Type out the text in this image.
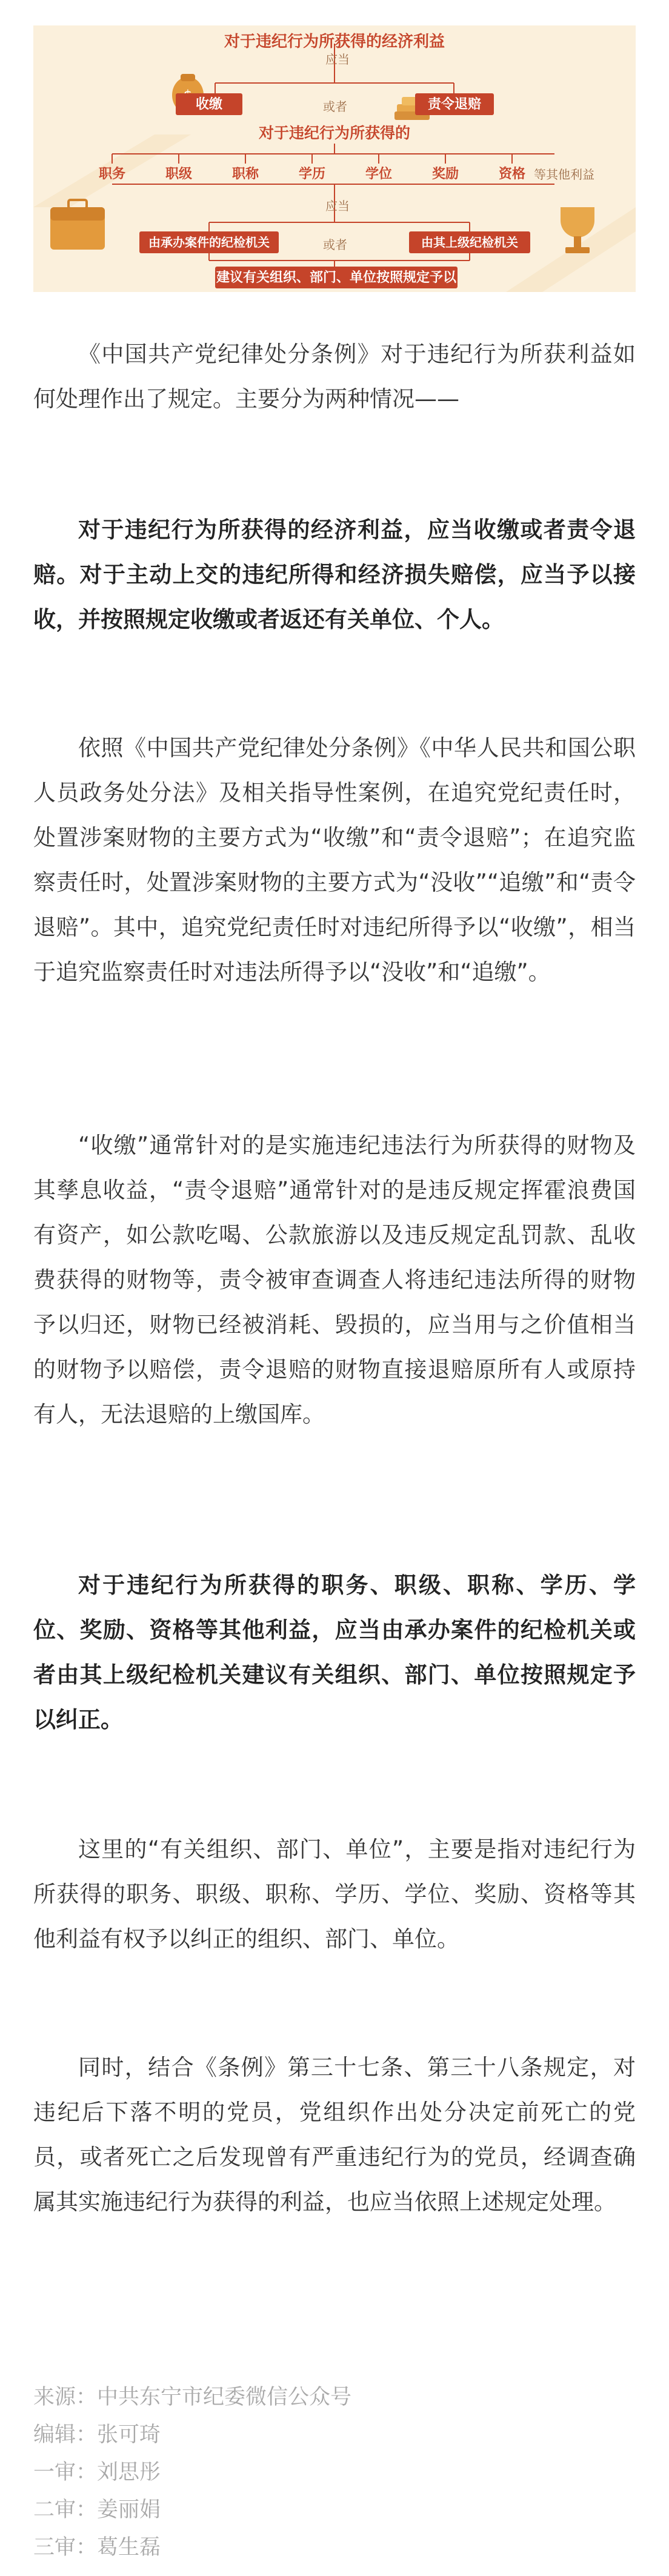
对于违纪行为所获得的经济利益
应当
收缴	或者	责令退赔
对于违纪行为所获得的
职务	职级	职称	学历	学位	奖励	资格 等其他利益
应当
由承办案件的纪检机关	或者	由其上级纪检机关
建议有关组织、部门、单位按照规定予以纠正

《中国共产党纪律处分条例》对于违纪行为所获利益如何处理作出了规定。主要分为两种情况——

对于违纪行为所获得的经济利益，应当收缴或者责令退赔。对于主动上交的违纪所得和经济损失赔偿，应当予以接收，并按照规定收缴或者返还有关单位、个人。

依照《中国共产党纪律处分条例》《中华人民共和国公职人员政务处分法》及相关指导性案例，在追究党纪责任时，处置涉案财物的主要方式为“收缴”和“责令退赔”；在追究监察责任时，处置涉案财物的主要方式为“没收”“追缴”和“责令退赔”。其中，追究党纪责任时对违纪所得予以“收缴”，相当于追究监察责任时对违法所得予以“没收”和“追缴”。

“收缴”通常针对的是实施违纪违法行为所获得的财物及其孳息收益，“责令退赔”通常针对的是违反规定挥霍浪费国有资产，如公款吃喝、公款旅游以及违反规定乱罚款、乱收费获得的财物等，责令被审查调查人将违纪违法所得的财物予以归还，财物已经被消耗、毁损的，应当用与之价值相当的财物予以赔偿，责令退赔的财物直接退赔原所有人或原持有人，无法退赔的上缴国库。

对于违纪行为所获得的职务、职级、职称、学历、学位、奖励、资格等其他利益，应当由承办案件的纪检机关或者由其上级纪检机关建议有关组织、部门、单位按照规定予以纠正。

这里的“有关组织、部门、单位”，主要是指对违纪行为所获得的职务、职级、职称、学历、学位、奖励、资格等其他利益有权予以纠正的组织、部门、单位。

同时，结合《条例》第三十七条、第三十八条规定，对违纪后下落不明的党员，党组织作出处分决定前死亡的党员，或者死亡之后发现曾有严重违纪行为的党员，经调查确属其实施违纪行为获得的利益，也应当依照上述规定处理。

来源：中共东宁市纪委微信公众号
编辑：张可琦
一审：刘思彤
二审：姜丽娟
三审：葛生磊
